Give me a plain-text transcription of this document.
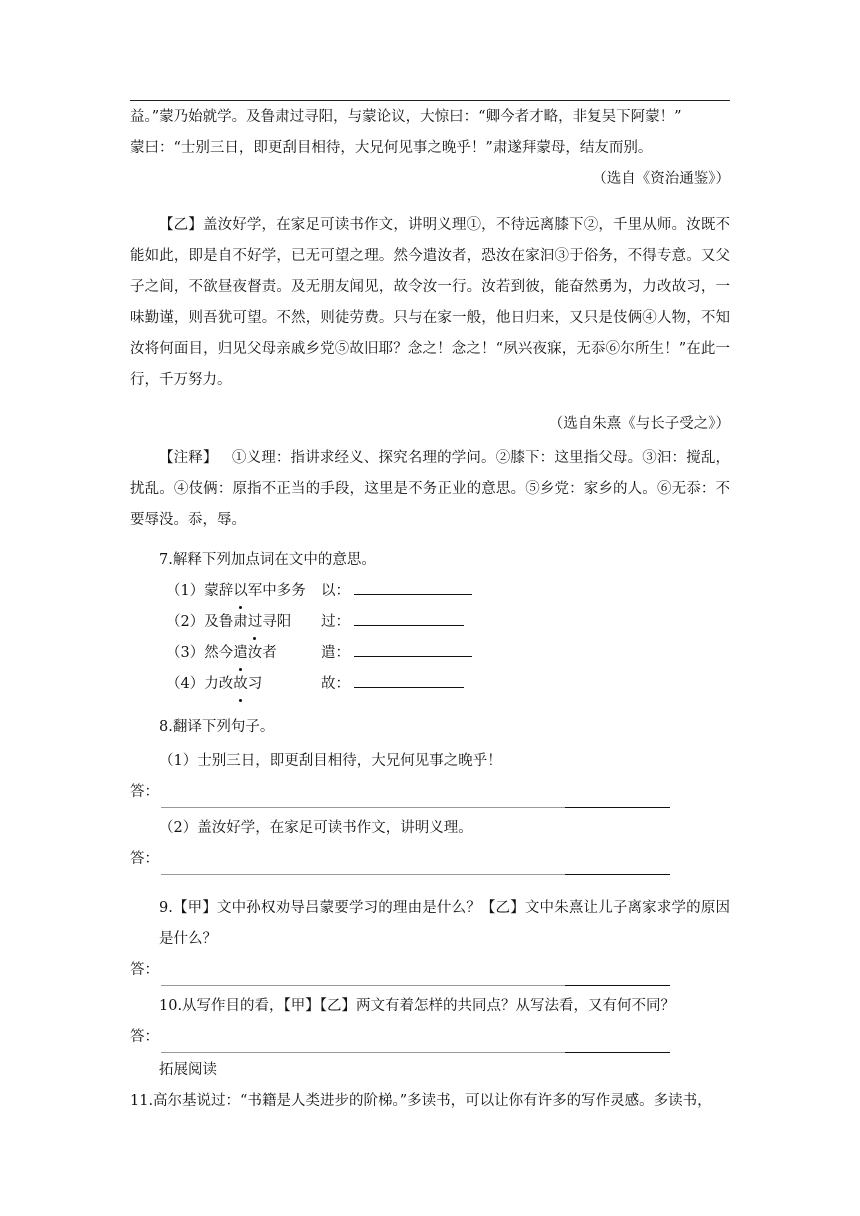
益。”蒙乃始就学。及鲁肃过寻阳，与蒙论议，大惊曰：“卿今者才略，非复吴下阿蒙！”

蒙曰：“士别三日，即更刮目相待，大兄何见事之晚乎！”肃遂拜蒙母，结友而别。

（选自《资治通鉴》）

【乙】盖汝好学，在家足可读书作文，讲明义理①，不待远离膝下②，千里从师。汝既不能如此，即是自不好学，已无可望之理。然今遣汝者，恐汝在家汩③于俗务，不得专意。又父子之间，不欲昼夜督责。及无朋友闻见，故令汝一行。汝若到彼，能奋然勇为，力改故习，一味勤谨，则吾犹可望。不然，则徒劳费。只与在家一般，他日归来，又只是伎俩④人物，不知汝将何面目，归见父母亲戚乡党⑤故旧耶？念之！念之！“夙兴夜寐，无忝⑥尔所生！”在此一行，千万努力。

（选自朱熹《与长子受之》）

【注释】 ①义理：指讲求经义、探究名理的学问。②膝下：这里指父母。③汩：搅乱，扰乱。④伎俩：原指不正当的手段，这里是不务正业的意思。⑤乡党：家乡的人。⑥无忝：不要辱没。忝，辱。

7.解释下列加点词在文中的意思。

（1）蒙辞以军中多务	以：
（2）及鲁肃过寻阳	过：
（3）然今遣汝者	遣：
（4）力改故习	故：

8.翻译下列句子。

（1）士别三日，即更刮目相待，大兄何见事之晚乎！

答：

（2）盖汝好学，在家足可读书作文，讲明义理。

答：

9.【甲】文中孙权劝导吕蒙要学习的理由是什么？【乙】文中朱熹让儿子离家求学的原因是什么？

答：

10.从写作目的看，【甲】【乙】两文有着怎样的共同点？从写法看，又有何不同？

答：

拓展阅读

11.高尔基说过：“书籍是人类进步的阶梯。”多读书，可以让你有许多的写作灵感。多读书，
